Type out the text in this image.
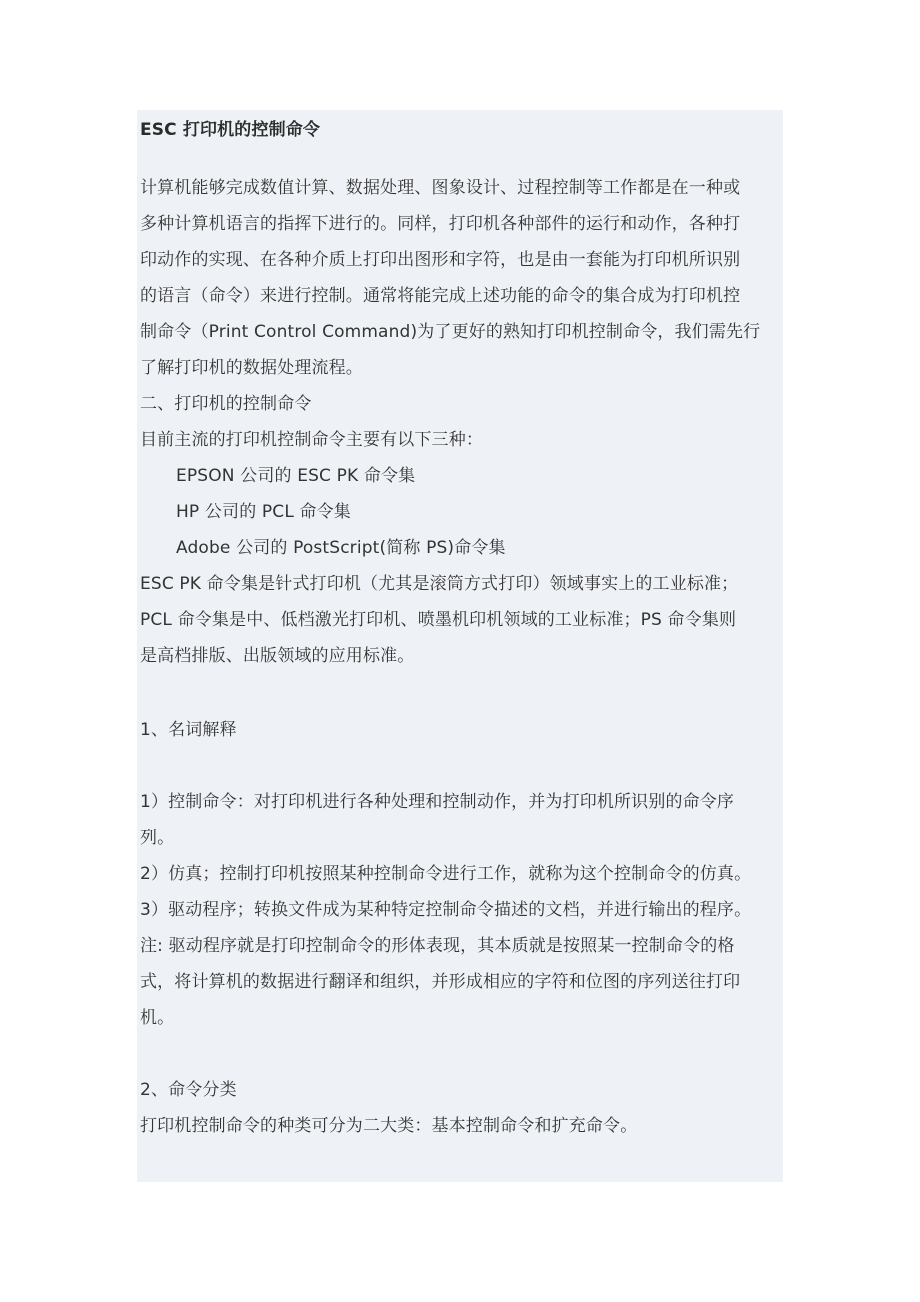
ESC 打印机的控制命令
计算机能够完成数值计算、数据处理、图象设计、过程控制等工作都是在一种或
多种计算机语言的指挥下进行的。同样，打印机各种部件的运行和动作，各种打
印动作的实现、在各种介质上打印出图形和字符，也是由一套能为打印机所识别
的语言（命令）来进行控制。通常将能完成上述功能的命令的集合成为打印机控
制命令（Print Control Command)为了更好的熟知打印机控制命令，我们需先行
了解打印机的数据处理流程。
二、打印机的控制命令
目前主流的打印机控制命令主要有以下三种：
EPSON 公司的 ESC PK 命令集
HP 公司的 PCL 命令集
Adobe 公司的 PostScript(简称 PS)命令集
ESC PK 命令集是针式打印机（尤其是滚筒方式打印）领域事实上的工业标准；
PCL 命令集是中、低档激光打印机、喷墨机印机领域的工业标准；PS 命令集则
是高档排版、出版领域的应用标准。
1、名词解释
1）控制命令：对打印机进行各种处理和控制动作，并为打印机所识别的命令序
列。
2）仿真；控制打印机按照某种控制命令进行工作，就称为这个控制命令的仿真。
3）驱动程序；转换文件成为某种特定控制命令描述的文档，并进行输出的程序。
注: 驱动程序就是打印控制命令的形体表现，其本质就是按照某一控制命令的格
式，将计算机的数据进行翻译和组织，并形成相应的字符和位图的序列送往打印
机。
2、命令分类
打印机控制命令的种类可分为二大类：基本控制命令和扩充命令。
